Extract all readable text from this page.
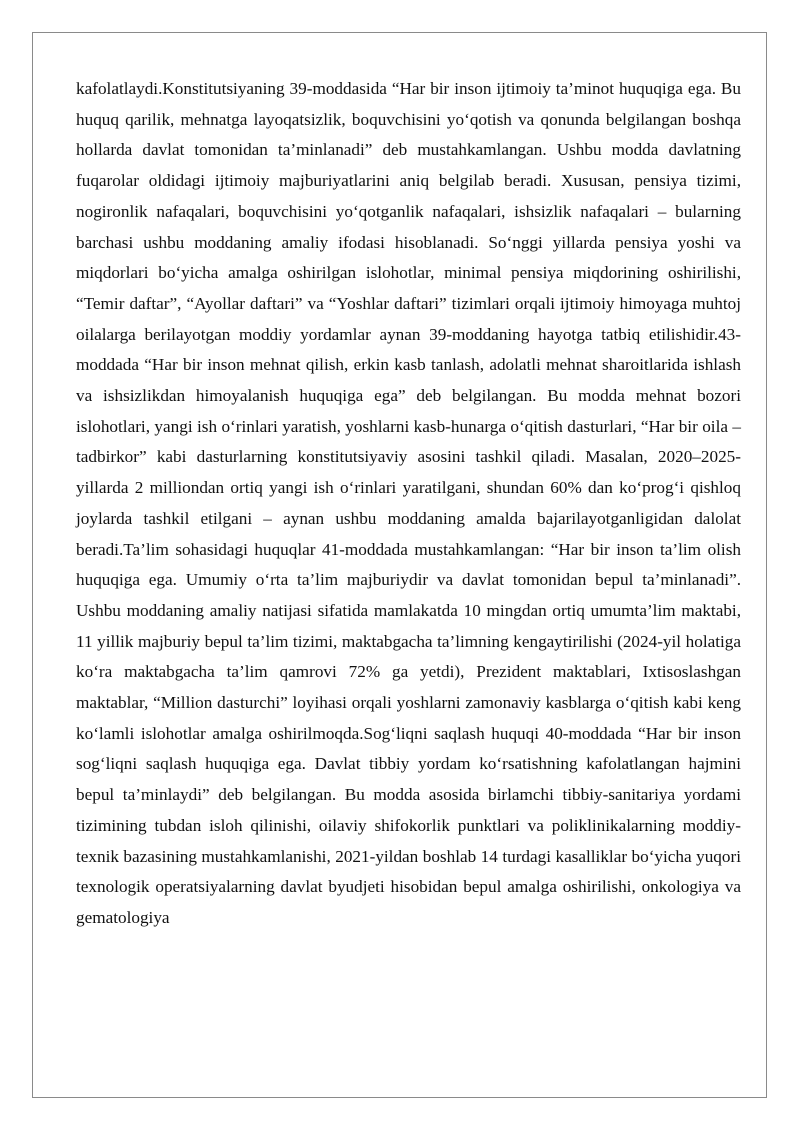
kafolatlaydi.Konstitutsiyaning 39-moddasida “Har bir inson ijtimoiy ta’minot huquqiga ega. Bu huquq qarilik, mehnatga layoqatsizlik, boquvchisini yo‘qotish va qonunda belgilangan boshqa hollarda davlat tomonidan ta’minlanadi” deb mustahkamlangan. Ushbu modda davlatning fuqarolar oldidagi ijtimoiy majburiyatlarini aniq belgilab beradi. Xususan, pensiya tizimi, nogironlik nafaqalari, boquvchisini yo‘qotganlik nafaqalari, ishsizlik nafaqalari – bularning barchasi ushbu moddaning amaliy ifodasi hisoblanadi. So‘nggi yillarda pensiya yoshi va miqdorlari bo‘yicha amalga oshirilgan islohotlar, minimal pensiya miqdorining oshirilishi, “Temir daftar”, “Ayollar daftari” va “Yoshlar daftari” tizimlari orqali ijtimoiy himoyaga muhtoj oilalarga berilayotgan moddiy yordamlar aynan 39-moddaning hayotga tatbiq etilishidir.43-moddada “Har bir inson mehnat qilish, erkin kasb tanlash, adolatli mehnat sharoitlarida ishlash va ishsizlikdan himoyalanish huquqiga ega” deb belgilangan. Bu modda mehnat bozori islohotlari, yangi ish o‘rinlari yaratish, yoshlarni kasb-hunarga o‘qitish dasturlari, “Har bir oila – tadbirkor” kabi dasturlarning konstitutsiyaviy asosini tashkil qiladi. Masalan, 2020–2025-yillarda 2 milliondan ortiq yangi ish o‘rinlari yaratilgani, shundan 60% dan ko‘prog‘i qishloq joylarda tashkil etilgani – aynan ushbu moddaning amalda bajarilayotganligidan dalolat beradi.Ta’lim sohasidagi huquqlar 41-moddada mustahkamlangan: “Har bir inson ta’lim olish huquqiga ega. Umumiy o‘rta ta’lim majburiydir va davlat tomonidan bepul ta’minlanadi”. Ushbu moddaning amaliy natijasi sifatida mamlakatda 10 mingdan ortiq umumta’lim maktabi, 11 yillik majburiy bepul ta’lim tizimi, maktabgacha ta’limning kengaytirilishi (2024-yil holatiga ko‘ra maktabgacha ta’lim qamrovi 72% ga yetdi), Prezident maktablari, Ixtisoslashgan maktablar, “Million dasturchi” loyihasi orqali yoshlarni zamonaviy kasblarga o‘qitish kabi keng ko‘lamli islohotlar amalga oshirilmoqda.Sog‘liqni saqlash huquqi 40-moddada “Har bir inson sog‘liqni saqlash huquqiga ega. Davlat tibbiy yordam ko‘rsatishning kafolatlangan hajmini bepul ta’minlaydi” deb belgilangan. Bu modda asosida birlamchi tibbiy-sanitariya yordami tizimining tubdan isloh qilinishi, oilaviy shifokorlik punktlari va poliklinikalarning moddiy-texnik bazasining mustahkamlanishi, 2021-yildan boshlab 14 turdagi kasalliklar bo‘yicha yuqori texnologik operatsiyalarning davlat byudjeti hisobidan bepul amalga oshirilishi, onkologiya va gematologiya
